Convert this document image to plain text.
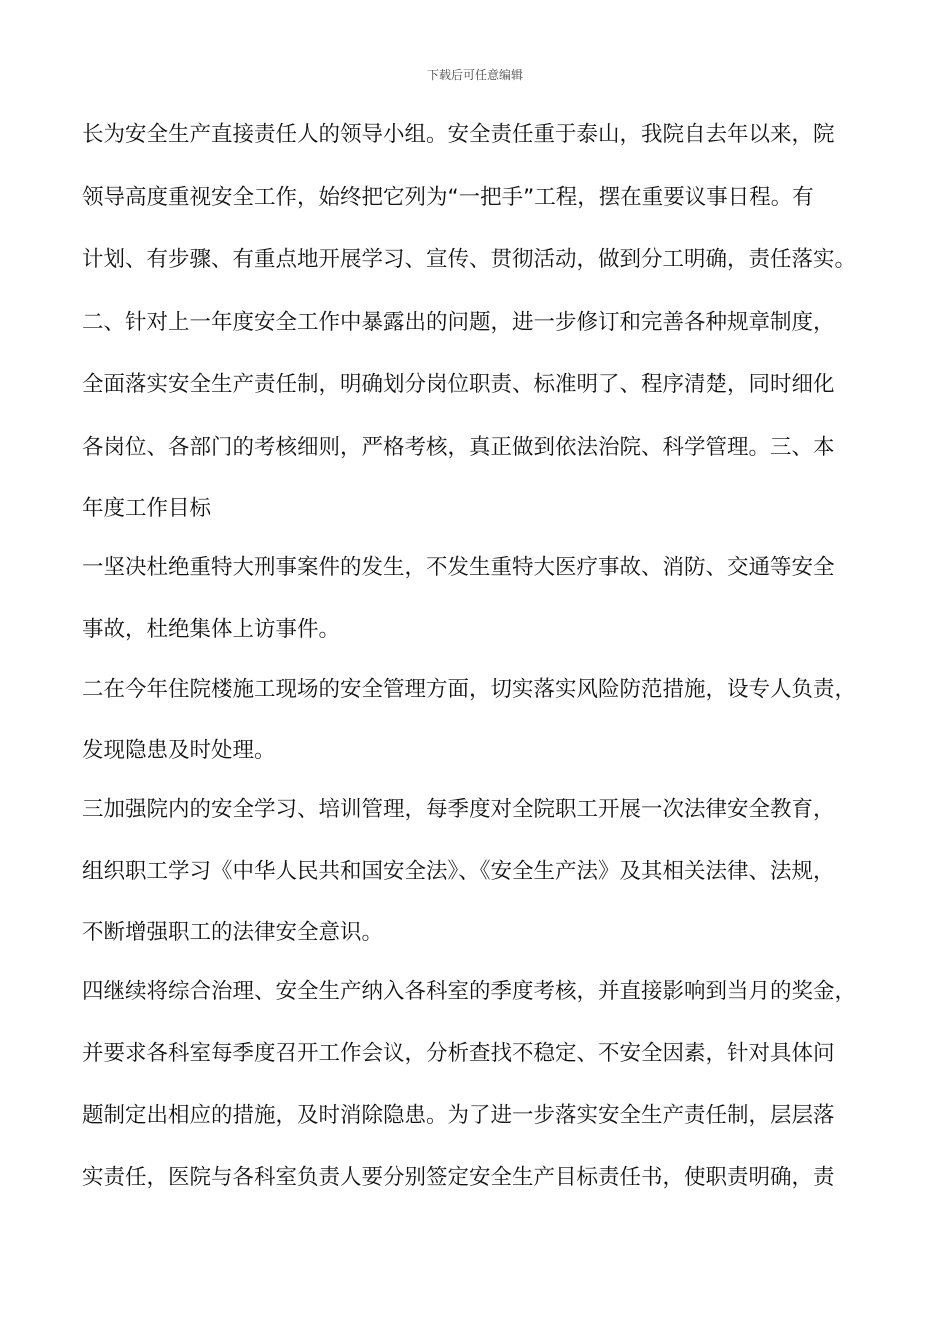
下载后可任意编辑
长为安全生产直接责任人的领导小组。安全责任重于泰山，我院自去年以来，院
领导高度重视安全工作，始终把它列为“一把手”工程，摆在重要议事日程。有
计划、有步骤、有重点地开展学习、宣传、贯彻活动，做到分工明确，责任落实。
二、针对上一年度安全工作中暴露出的问题，进一步修订和完善各种规章制度，
全面落实安全生产责任制，明确划分岗位职责、标准明了、程序清楚，同时细化
各岗位、各部门的考核细则，严格考核，真正做到依法治院、科学管理。三、本
年度工作目标
一坚决杜绝重特大刑事案件的发生，不发生重特大医疗事故、消防、交通等安全
事故，杜绝集体上访事件。
二在今年住院楼施工现场的安全管理方面，切实落实风险防范措施，设专人负责，
发现隐患及时处理。
三加强院内的安全学习、培训管理，每季度对全院职工开展一次法律安全教育，
组织职工学习《中华人民共和国安全法》、《安全生产法》及其相关法律、法规，
不断增强职工的法律安全意识。
四继续将综合治理、安全生产纳入各科室的季度考核，并直接影响到当月的奖金，
并要求各科室每季度召开工作会议，分析查找不稳定、不安全因素，针对具体问
题制定出相应的措施，及时消除隐患。为了进一步落实安全生产责任制，层层落
实责任，医院与各科室负责人要分别签定安全生产目标责任书，使职责明确，责
